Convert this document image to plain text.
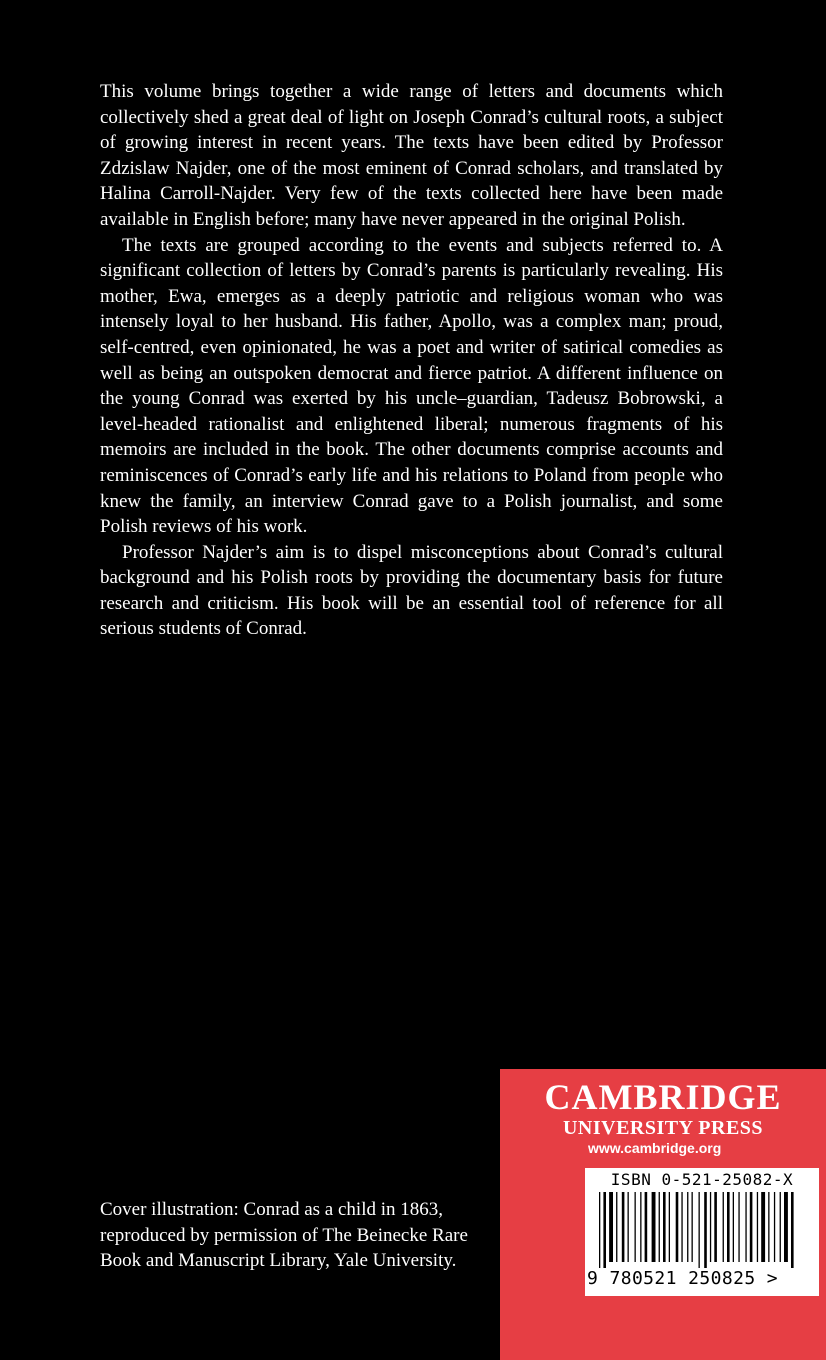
This volume brings together a wide range of letters and documents which collectively shed a great deal of light on Joseph Conrad’s cultural roots, a subject of growing interest in recent years. The texts have been edited by Professor Zdzislaw Najder, one of the most eminent of Conrad scholars, and translated by Halina Carroll-Najder. Very few of the texts collected here have been made available in English before; many have never appeared in the original Polish.

The texts are grouped according to the events and subjects referred to. A significant collection of letters by Conrad’s parents is particularly revealing. His mother, Ewa, emerges as a deeply patriotic and religious woman who was intensely loyal to her husband. His father, Apollo, was a complex man; proud, self-centred, even opinionated, he was a poet and writer of satirical comedies as well as being an outspoken democrat and fierce patriot. A different influence on the young Conrad was exerted by his uncle–guardian, Tadeusz Bobrowski, a level-headed rationalist and enlightened liberal; numerous fragments of his memoirs are included in the book. The other documents comprise accounts and reminiscences of Conrad’s early life and his relations to Poland from people who knew the family, an interview Conrad gave to a Polish journalist, and some Polish reviews of his work.

Professor Najder’s aim is to dispel misconceptions about Conrad’s cultural background and his Polish roots by providing the documentary basis for future research and criticism. His book will be an essential tool of reference for all serious students of Conrad.

Cover illustration: Conrad as a child in 1863, reproduced by permission of The Beinecke Rare Book and Manuscript Library, Yale University.
CAMBRIDGE
UNIVERSITY PRESS
www.cambridge.org
ISBN 0-521-25082-X
9 780521 250825 >
